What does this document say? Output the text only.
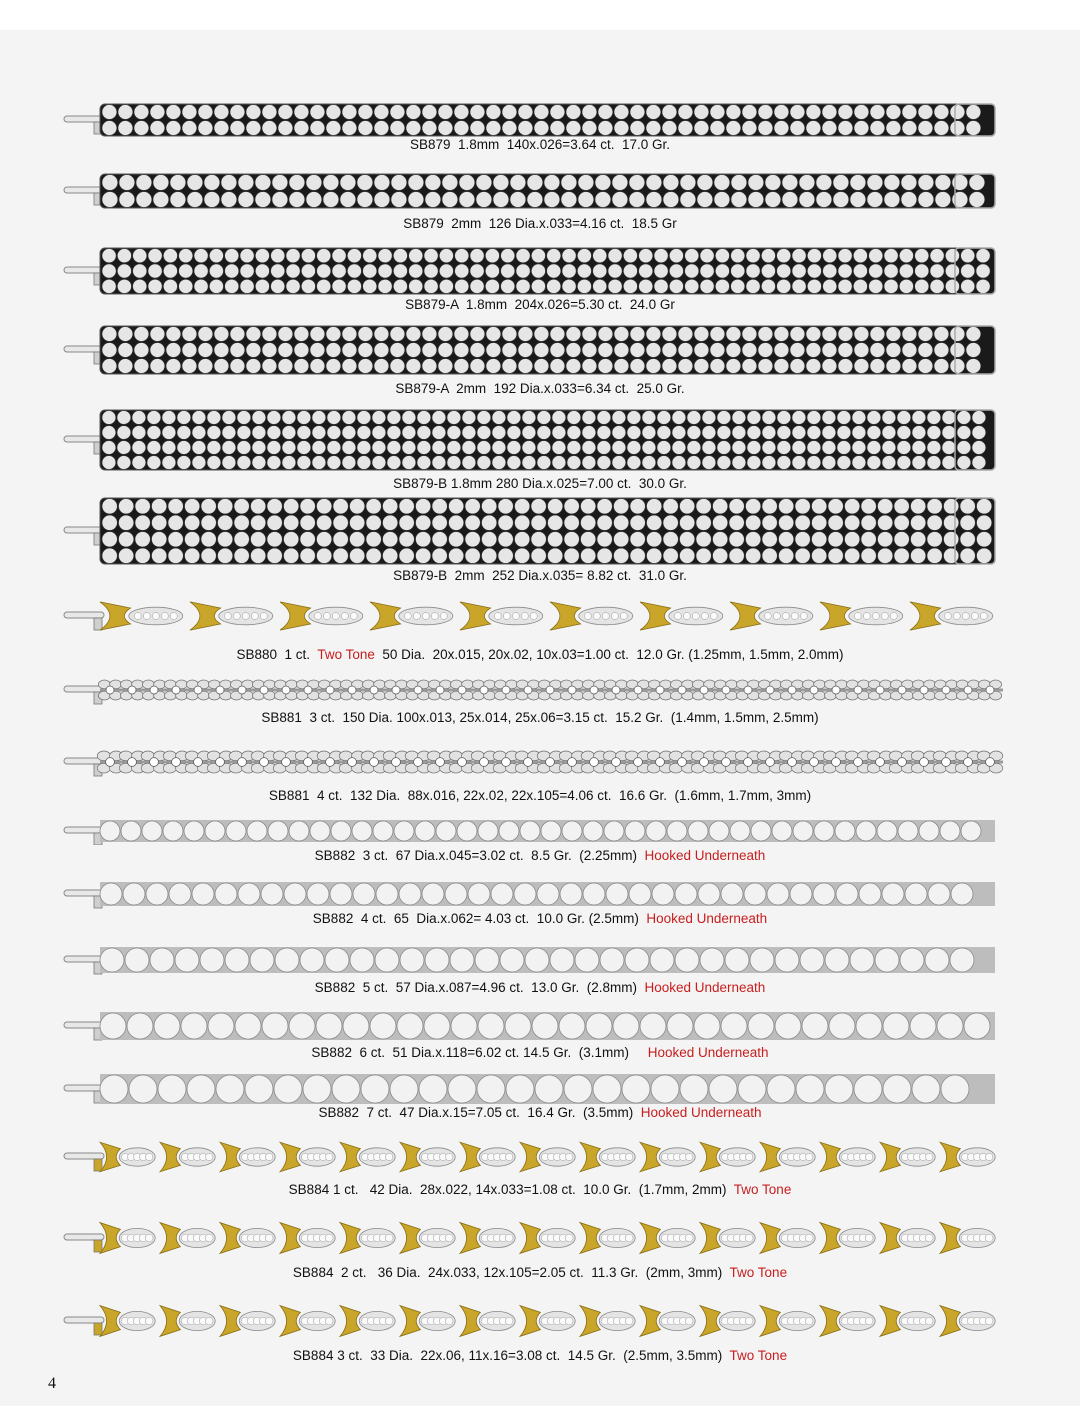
SB879  1.8mm  140x.026=3.64 ct.  17.0 Gr.
SB879  2mm  126 Dia.x.033=4.16 ct.  18.5 Gr
SB879-A  1.8mm  204x.026=5.30 ct.  24.0 Gr
SB879-A  2mm  192 Dia.x.033=6.34 ct.  25.0 Gr.
SB879-B 1.8mm 280 Dia.x.025=7.00 ct.  30.0 Gr.
SB879-B  2mm  252 Dia.x.035= 8.82 ct.  31.0 Gr.
SB880  1 ct.  Two Tone  50 Dia.  20x.015, 20x.02, 10x.03=1.00 ct.  12.0 Gr. (1.25mm, 1.5mm, 2.0mm)
SB881  3 ct.  150 Dia. 100x.013, 25x.014, 25x.06=3.15 ct.  15.2 Gr.  (1.4mm, 1.5mm, 2.5mm)
SB881  4 ct.  132 Dia.  88x.016, 22x.02, 22x.105=4.06 ct.  16.6 Gr.  (1.6mm, 1.7mm, 3mm)
SB882  3 ct.  67 Dia.x.045=3.02 ct.  8.5 Gr.  (2.25mm)  Hooked Underneath
SB882  4 ct.  65  Dia.x.062= 4.03 ct.  10.0 Gr. (2.5mm)  Hooked Underneath
SB882  5 ct.  57 Dia.x.087=4.96 ct.  13.0 Gr.  (2.8mm)  Hooked Underneath
SB882  6 ct.  51 Dia.x.118=6.02 ct. 14.5 Gr.  (3.1mm)     Hooked Underneath
SB882  7 ct.  47 Dia.x.15=7.05 ct.  16.4 Gr.  (3.5mm)  Hooked Underneath
SB884 1 ct.   42 Dia.  28x.022, 14x.033=1.08 ct.  10.0 Gr.  (1.7mm, 2mm)  Two Tone
SB884  2 ct.   36 Dia.  24x.033, 12x.105=2.05 ct.  11.3 Gr.  (2mm, 3mm)  Two Tone
SB884 3 ct.  33 Dia.  22x.06, 11x.16=3.08 ct.  14.5 Gr.  (2.5mm, 3.5mm)  Two Tone
4
